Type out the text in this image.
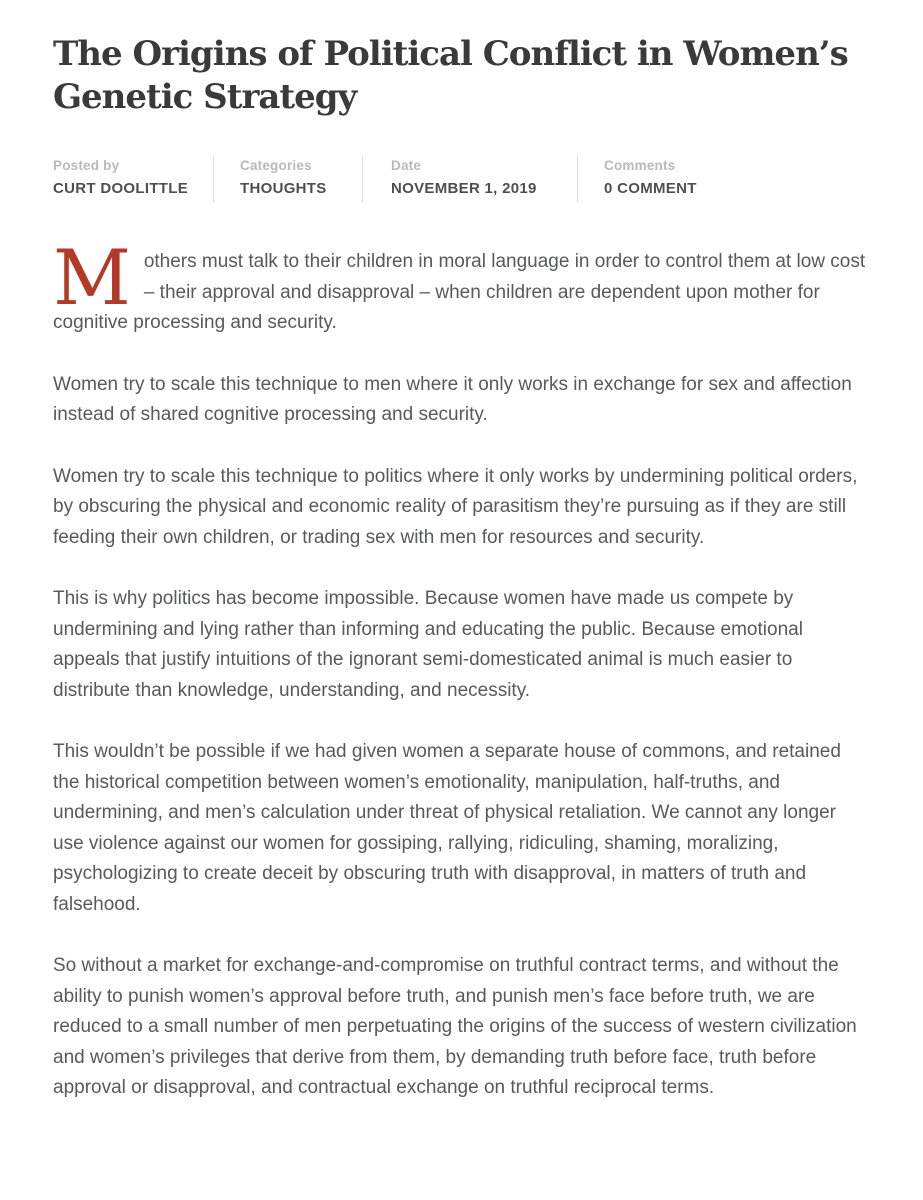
The Origins of Political Conflict in Women’s Genetic Strategy
Posted by
CURT DOOLITTLE
Categories
THOUGHTS
Date
NOVEMBER 1, 2019
Comments
0 COMMENT

Mothers must talk to their children in moral language in order to control them at low cost – their approval and disapproval – when children are dependent upon mother for cognitive processing and security.

Women try to scale this technique to men where it only works in exchange for sex and affection instead of shared cognitive processing and security.

Women try to scale this technique to politics where it only works by undermining political orders, by obscuring the physical and economic reality of parasitism they’re pursuing as if they are still feeding their own children, or trading sex with men for resources and security.

This is why politics has become impossible. Because women have made us compete by undermining and lying rather than informing and educating the public. Because emotional appeals that justify intuitions of the ignorant semi-domesticated animal is much easier to distribute than knowledge, understanding, and necessity.

This wouldn’t be possible if we had given women a separate house of commons, and retained the historical competition between women’s emotionality, manipulation, half-truths, and undermining, and men’s calculation under threat of physical retaliation. We cannot any longer use violence against our women for gossiping, rallying, ridiculing, shaming, moralizing, psychologizing to create deceit by obscuring truth with disapproval, in matters of truth and falsehood.

So without a market for exchange-and-compromise on truthful contract terms, and without the ability to punish women’s approval before truth, and punish men’s face before truth, we are reduced to a small number of men perpetuating the origins of the success of western civilization and women’s privileges that derive from them, by demanding truth before face, truth before approval or disapproval, and contractual exchange on truthful reciprocal terms.
